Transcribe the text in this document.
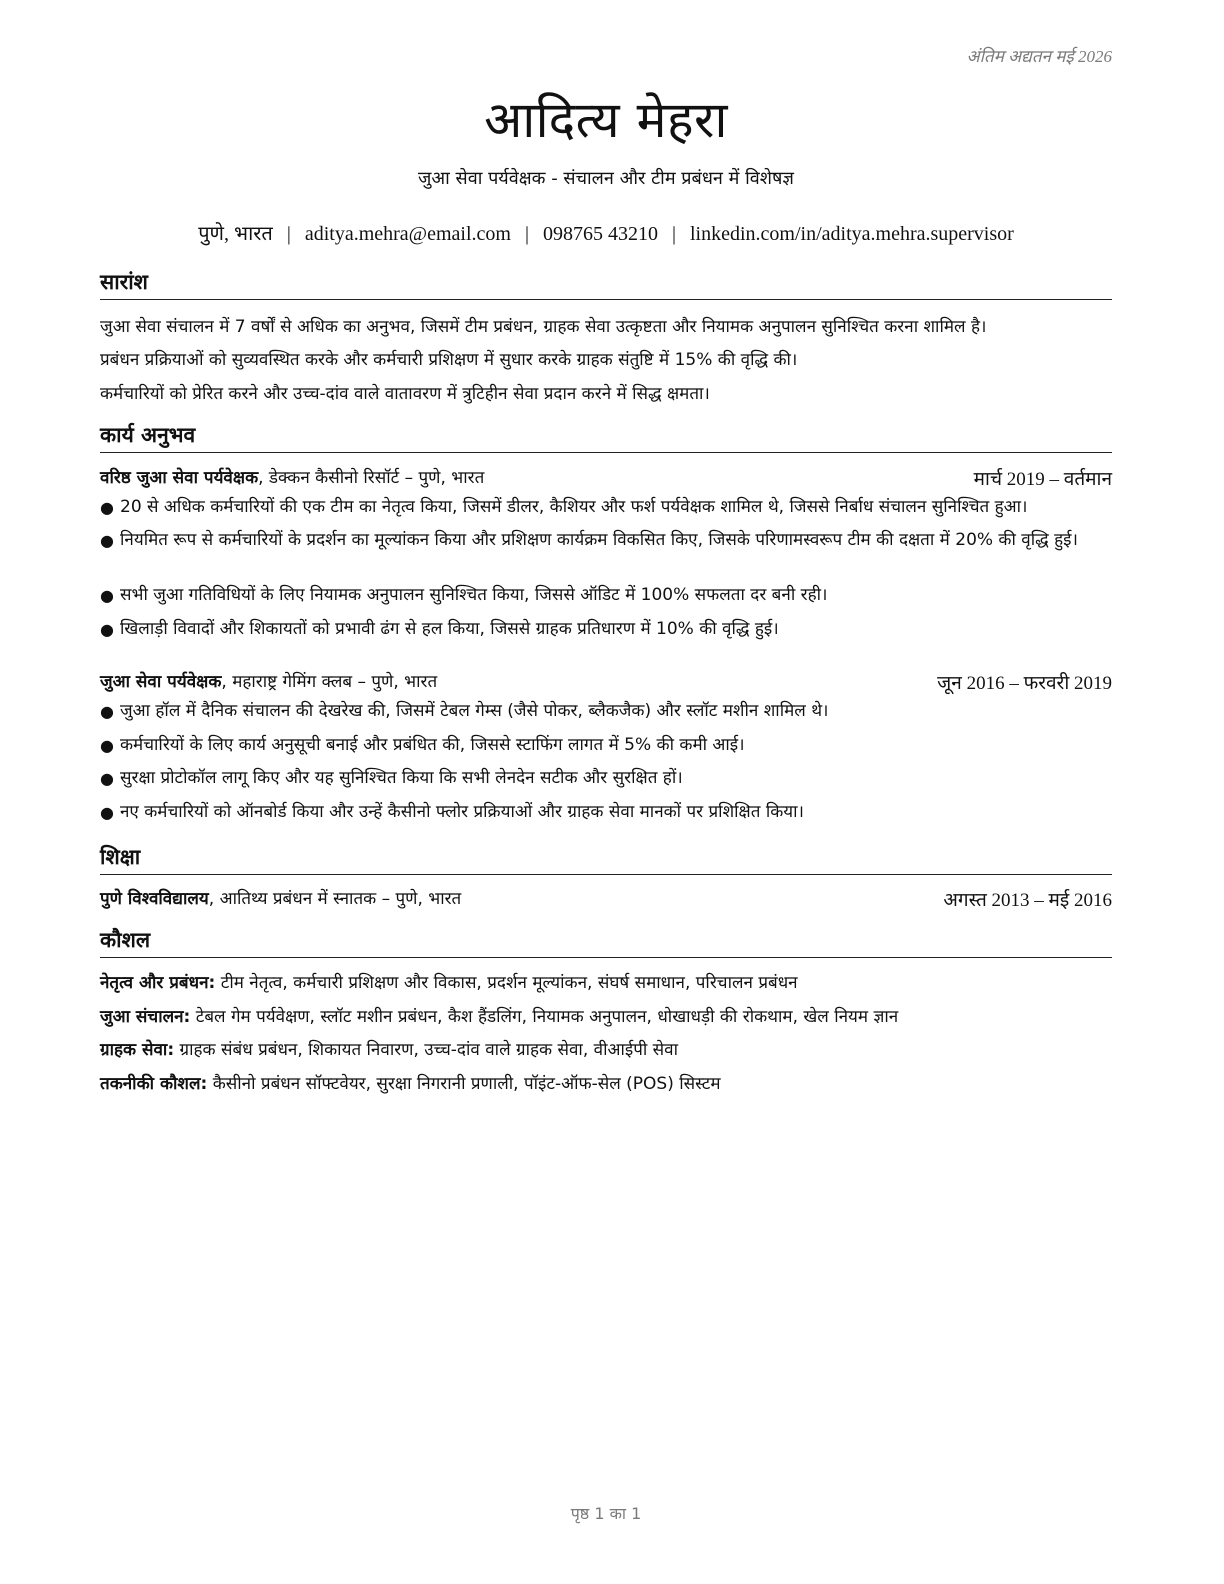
अंतिम अद्यतन मई 2026
आदित्य मेहरा
जुआ सेवा पर्यवेक्षक - संचालन और टीम प्रबंधन में विशेषज्ञ
पुणे, भारत | aditya.mehra@email.com | 098765 43210 | linkedin.com/in/aditya.mehra.supervisor
सारांश
जुआ सेवा संचालन में 7 वर्षों से अधिक का अनुभव, जिसमें टीम प्रबंधन, ग्राहक सेवा उत्कृष्टता और नियामक अनुपालन सुनिश्चित करना शामिल है।
प्रबंधन प्रक्रियाओं को सुव्यवस्थित करके और कर्मचारी प्रशिक्षण में सुधार करके ग्राहक संतुष्टि में 15% की वृद्धि की।
कर्मचारियों को प्रेरित करने और उच्च-दांव वाले वातावरण में त्रुटिहीन सेवा प्रदान करने में सिद्ध क्षमता।
कार्य अनुभव
वरिष्ठ जुआ सेवा पर्यवेक्षक, डेक्कन कैसीनो रिसॉर्ट – पुणे, भारत	मार्च 2019 – वर्तमान
● 20 से अधिक कर्मचारियों की एक टीम का नेतृत्व किया, जिसमें डीलर, कैशियर और फर्श पर्यवेक्षक शामिल थे, जिससे निर्बाध संचालन सुनिश्चित हुआ।
● नियमित रूप से कर्मचारियों के प्रदर्शन का मूल्यांकन किया और प्रशिक्षण कार्यक्रम विकसित किए, जिसके परिणामस्वरूप टीम की दक्षता में 20% की वृद्धि हुई।
● सभी जुआ गतिविधियों के लिए नियामक अनुपालन सुनिश्चित किया, जिससे ऑडिट में 100% सफलता दर बनी रही।
● खिलाड़ी विवादों और शिकायतों को प्रभावी ढंग से हल किया, जिससे ग्राहक प्रतिधारण में 10% की वृद्धि हुई।
जुआ सेवा पर्यवेक्षक, महाराष्ट्र गेमिंग क्लब – पुणे, भारत	जून 2016 – फरवरी 2019
● जुआ हॉल में दैनिक संचालन की देखरेख की, जिसमें टेबल गेम्स (जैसे पोकर, ब्लैकजैक) और स्लॉट मशीन शामिल थे।
● कर्मचारियों के लिए कार्य अनुसूची बनाई और प्रबंधित की, जिससे स्टाफिंग लागत में 5% की कमी आई।
● सुरक्षा प्रोटोकॉल लागू किए और यह सुनिश्चित किया कि सभी लेनदेन सटीक और सुरक्षित हों।
● नए कर्मचारियों को ऑनबोर्ड किया और उन्हें कैसीनो फ्लोर प्रक्रियाओं और ग्राहक सेवा मानकों पर प्रशिक्षित किया।
शिक्षा
पुणे विश्वविद्यालय, आतिथ्य प्रबंधन में स्नातक – पुणे, भारत	अगस्त 2013 – मई 2016
कौशल
नेतृत्व और प्रबंधन: टीम नेतृत्व, कर्मचारी प्रशिक्षण और विकास, प्रदर्शन मूल्यांकन, संघर्ष समाधान, परिचालन प्रबंधन
जुआ संचालन: टेबल गेम पर्यवेक्षण, स्लॉट मशीन प्रबंधन, कैश हैंडलिंग, नियामक अनुपालन, धोखाधड़ी की रोकथाम, खेल नियम ज्ञान
ग्राहक सेवा: ग्राहक संबंध प्रबंधन, शिकायत निवारण, उच्च-दांव वाले ग्राहक सेवा, वीआईपी सेवा
तकनीकी कौशल: कैसीनो प्रबंधन सॉफ्टवेयर, सुरक्षा निगरानी प्रणाली, पॉइंट-ऑफ-सेल (POS) सिस्टम
पृष्ठ 1 का 1
